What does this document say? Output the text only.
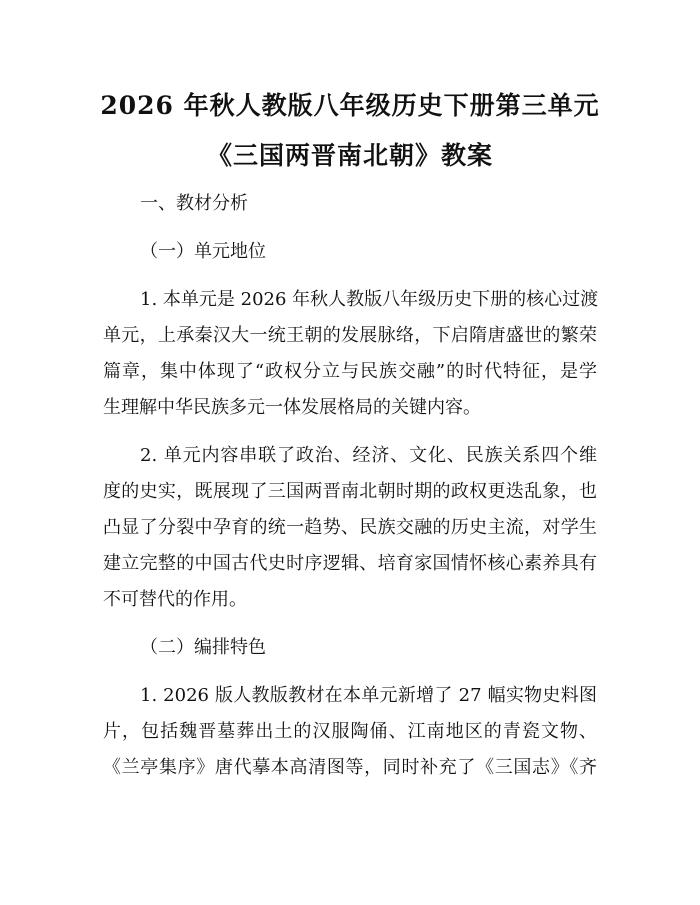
2026 年秋人教版八年级历史下册第三单元
《三国两晋南北朝》教案
一、教材分析
（一）单元地位
1. 本单元是 2026 年秋人教版八年级历史下册的核心过渡
单元，上承秦汉大一统王朝的发展脉络，下启隋唐盛世的繁荣
篇章，集中体现了“政权分立与民族交融”的时代特征，是学
生理解中华民族多元一体发展格局的关键内容。
2. 单元内容串联了政治、经济、文化、民族关系四个维
度的史实，既展现了三国两晋南北朝时期的政权更迭乱象，也
凸显了分裂中孕育的统一趋势、民族交融的历史主流，对学生
建立完整的中国古代史时序逻辑、培育家国情怀核心素养具有
不可替代的作用。
（二）编排特色
1. 2026 版人教版教材在本单元新增了 27 幅实物史料图
片，包括魏晋墓葬出土的汉服陶俑、江南地区的青瓷文物、
《兰亭集序》唐代摹本高清图等，同时补充了《三国志》《齐
